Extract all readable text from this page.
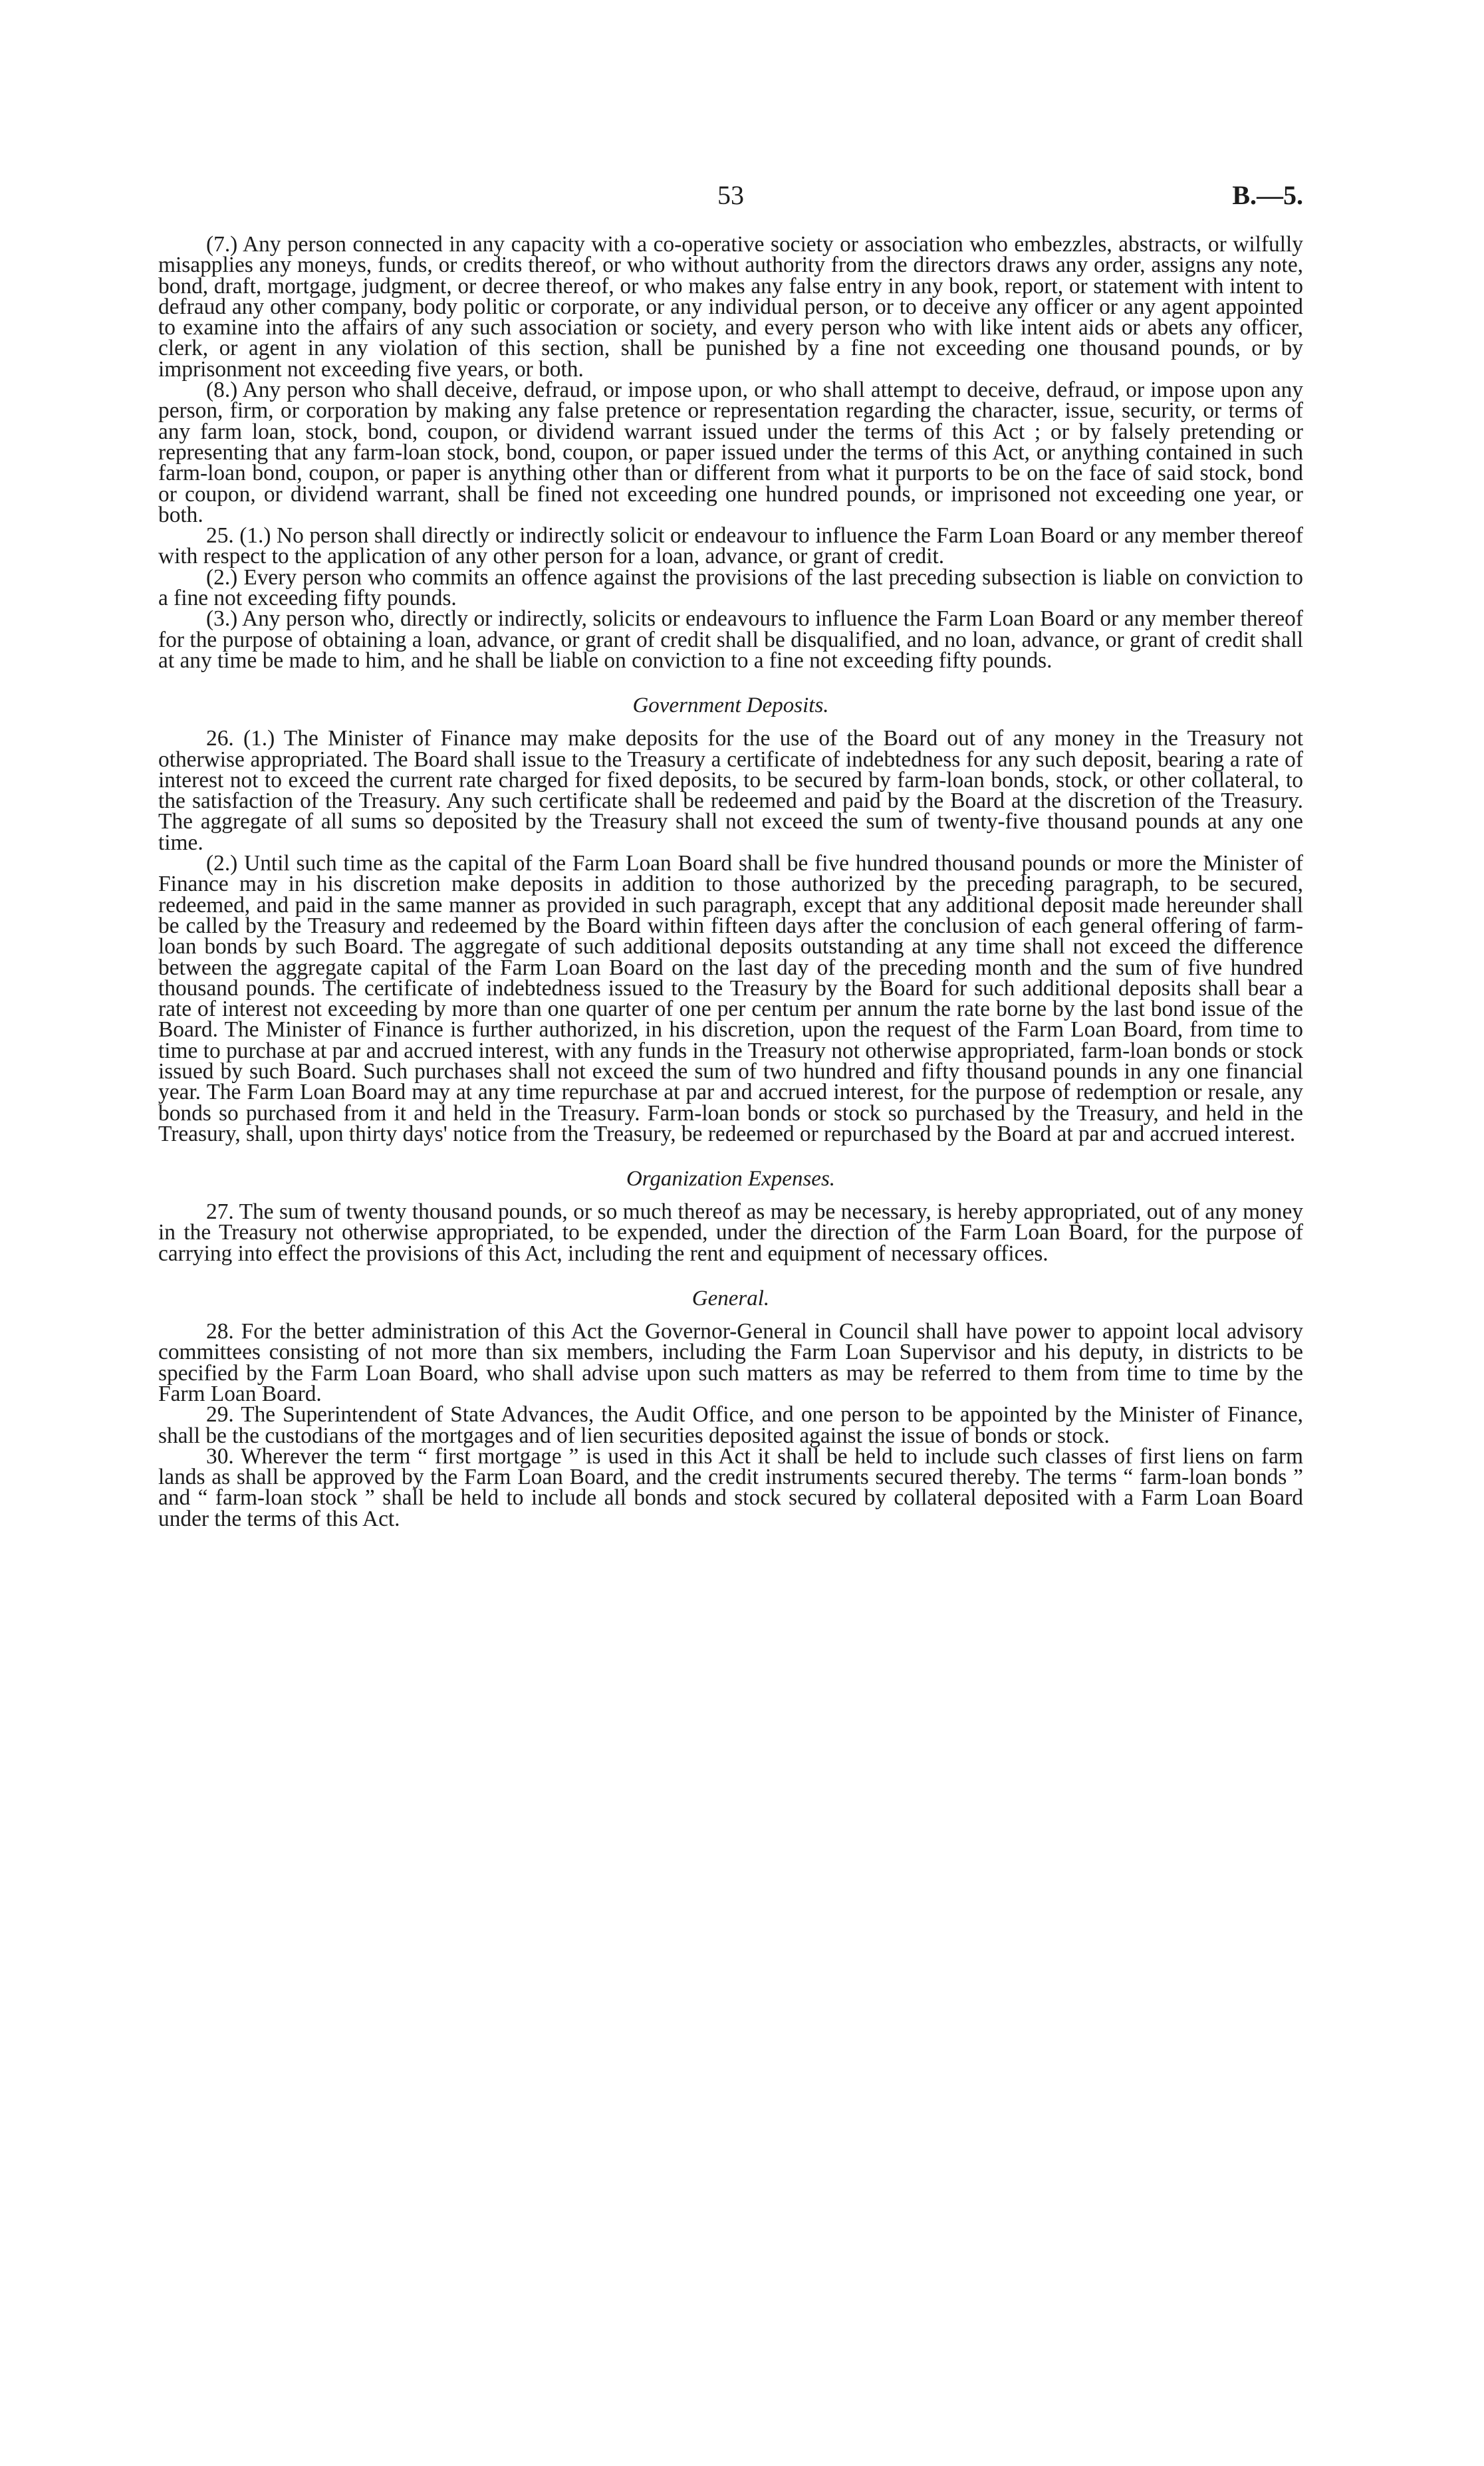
53	B.—5.

(7.) Any person connected in any capacity with a co-operative society or association who embezzles, abstracts, or wilfully misapplies any moneys, funds, or credits thereof, or who without authority from the directors draws any order, assigns any note, bond, draft, mortgage, judgment, or decree thereof, or who makes any false entry in any book, report, or statement with intent to defraud any other company, body politic or corporate, or any individual person, or to deceive any officer or any agent appointed to examine into the affairs of any such association or society, and every person who with like intent aids or abets any officer, clerk, or agent in any violation of this section, shall be punished by a fine not exceeding one thousand pounds, or by imprisonment not exceeding five years, or both.

(8.) Any person who shall deceive, defraud, or impose upon, or who shall attempt to deceive, defraud, or impose upon any person, firm, or corporation by making any false pretence or representation regarding the character, issue, security, or terms of any farm loan, stock, bond, coupon, or dividend warrant issued under the terms of this Act ; or by falsely pretending or representing that any farm-loan stock, bond, coupon, or paper issued under the terms of this Act, or anything contained in such farm-loan bond, coupon, or paper is anything other than or different from what it purports to be on the face of said stock, bond or coupon, or dividend warrant, shall be fined not exceeding one hundred pounds, or imprisoned not exceeding one year, or both.

25. (1.) No person shall directly or indirectly solicit or endeavour to influence the Farm Loan Board or any member thereof with respect to the application of any other person for a loan, advance, or grant of credit.

(2.) Every person who commits an offence against the provisions of the last preceding subsection is liable on conviction to a fine not exceeding fifty pounds.

(3.) Any person who, directly or indirectly, solicits or endeavours to influence the Farm Loan Board or any member thereof for the purpose of obtaining a loan, advance, or grant of credit shall be disqualified, and no loan, advance, or grant of credit shall at any time be made to him, and he shall be liable on conviction to a fine not exceeding fifty pounds.

Government Deposits.

26. (1.) The Minister of Finance may make deposits for the use of the Board out of any money in the Treasury not otherwise appropriated. The Board shall issue to the Treasury a certificate of indebtedness for any such deposit, bearing a rate of interest not to exceed the current rate charged for fixed deposits, to be secured by farm-loan bonds, stock, or other collateral, to the satisfaction of the Treasury. Any such certificate shall be redeemed and paid by the Board at the discretion of the Treasury. The aggregate of all sums so deposited by the Treasury shall not exceed the sum of twenty-five thousand pounds at any one time.

(2.) Until such time as the capital of the Farm Loan Board shall be five hundred thousand pounds or more the Minister of Finance may in his discretion make deposits in addition to those authorized by the preceding paragraph, to be secured, redeemed, and paid in the same manner as provided in such paragraph, except that any additional deposit made hereunder shall be called by the Treasury and redeemed by the Board within fifteen days after the conclusion of each general offering of farm-loan bonds by such Board. The aggregate of such additional deposits outstanding at any time shall not exceed the difference between the aggregate capital of the Farm Loan Board on the last day of the preceding month and the sum of five hundred thousand pounds. The certificate of indebtedness issued to the Treasury by the Board for such additional deposits shall bear a rate of interest not exceeding by more than one quarter of one per centum per annum the rate borne by the last bond issue of the Board. The Minister of Finance is further authorized, in his discretion, upon the request of the Farm Loan Board, from time to time to purchase at par and accrued interest, with any funds in the Treasury not otherwise appropriated, farm-loan bonds or stock issued by such Board. Such purchases shall not exceed the sum of two hundred and fifty thousand pounds in any one financial year. The Farm Loan Board may at any time repurchase at par and accrued interest, for the purpose of redemption or resale, any bonds so purchased from it and held in the Treasury. Farm-loan bonds or stock so purchased by the Treasury, and held in the Treasury, shall, upon thirty days' notice from the Treasury, be redeemed or repurchased by the Board at par and accrued interest.

Organization Expenses.

27. The sum of twenty thousand pounds, or so much thereof as may be necessary, is hereby appropriated, out of any money in the Treasury not otherwise appropriated, to be expended, under the direction of the Farm Loan Board, for the purpose of carrying into effect the provisions of this Act, including the rent and equipment of necessary offices.

General.

28. For the better administration of this Act the Governor-General in Council shall have power to appoint local advisory committees consisting of not more than six members, including the Farm Loan Supervisor and his deputy, in districts to be specified by the Farm Loan Board, who shall advise upon such matters as may be referred to them from time to time by the Farm Loan Board.

29. The Superintendent of State Advances, the Audit Office, and one person to be appointed by the Minister of Finance, shall be the custodians of the mortgages and of lien securities deposited against the issue of bonds or stock.

30. Wherever the term “ first mortgage ” is used in this Act it shall be held to include such classes of first liens on farm lands as shall be approved by the Farm Loan Board, and the credit instruments secured thereby. The terms “ farm-loan bonds ” and “ farm-loan stock ” shall be held to include all bonds and stock secured by collateral deposited with a Farm Loan Board under the terms of this Act.
